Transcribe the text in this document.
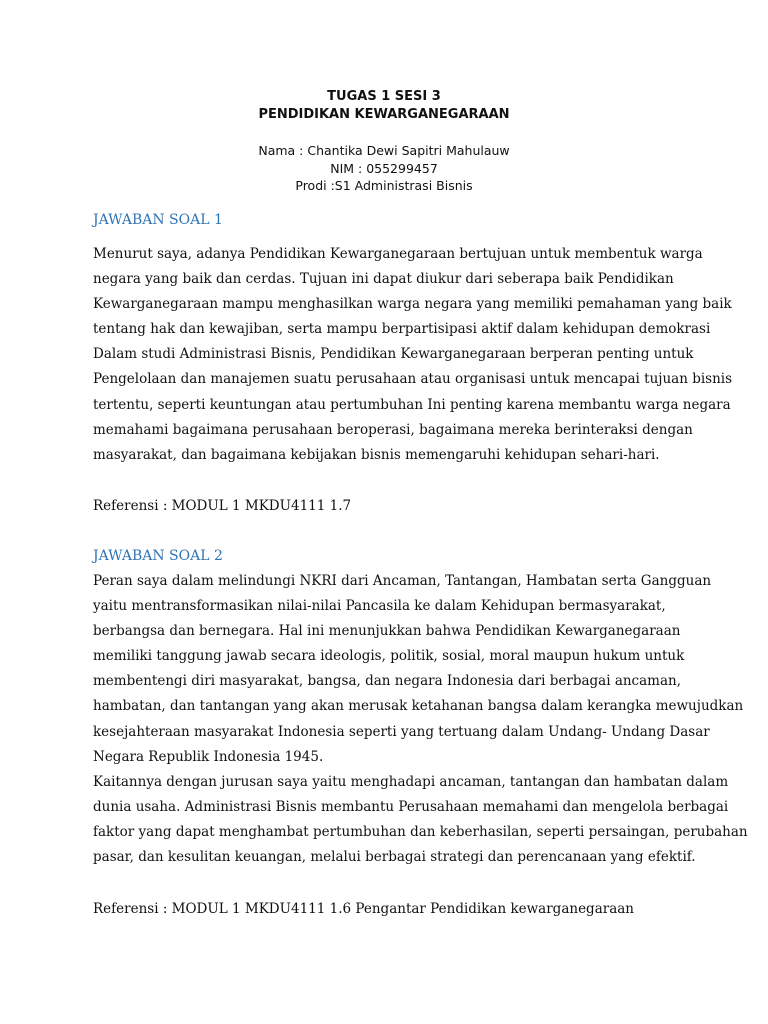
TUGAS 1 SESI 3
PENDIDIKAN KEWARGANEGARAAN
Nama : Chantika Dewi Sapitri Mahulauw
NIM : 055299457
Prodi :S1 Administrasi Bisnis
JAWABAN SOAL 1
Menurut saya, adanya Pendidikan Kewarganegaraan bertujuan untuk membentuk warga
negara yang baik dan cerdas. Tujuan ini dapat diukur dari seberapa baik Pendidikan
Kewarganegaraan mampu menghasilkan warga negara yang memiliki pemahaman yang baik
tentang hak dan kewajiban, serta mampu berpartisipasi aktif dalam kehidupan demokrasi
Dalam studi Administrasi Bisnis, Pendidikan Kewarganegaraan berperan penting untuk
Pengelolaan dan manajemen suatu perusahaan atau organisasi untuk mencapai tujuan bisnis
tertentu, seperti keuntungan atau pertumbuhan Ini penting karena membantu warga negara
memahami bagaimana perusahaan beroperasi, bagaimana mereka berinteraksi dengan
masyarakat, dan bagaimana kebijakan bisnis memengaruhi kehidupan sehari-hari.
Referensi : MODUL 1 MKDU4111 1.7
JAWABAN SOAL 2
Peran saya dalam melindungi NKRI dari Ancaman, Tantangan, Hambatan serta Gangguan
yaitu mentransformasikan nilai-nilai Pancasila ke dalam Kehidupan bermasyarakat,
berbangsa dan bernegara. Hal ini menunjukkan bahwa Pendidikan Kewarganegaraan
memiliki tanggung jawab secara ideologis, politik, sosial, moral maupun hukum untuk
membentengi diri masyarakat, bangsa, dan negara Indonesia dari berbagai ancaman,
hambatan, dan tantangan yang akan merusak ketahanan bangsa dalam kerangka mewujudkan
kesejahteraan masyarakat Indonesia seperti yang tertuang dalam Undang- Undang Dasar
Negara Republik Indonesia 1945.
Kaitannya dengan jurusan saya yaitu menghadapi ancaman, tantangan dan hambatan dalam
dunia usaha. Administrasi Bisnis membantu Perusahaan memahami dan mengelola berbagai
faktor yang dapat menghambat pertumbuhan dan keberhasilan, seperti persaingan, perubahan
pasar, dan kesulitan keuangan, melalui berbagai strategi dan perencanaan yang efektif.
Referensi : MODUL 1 MKDU4111 1.6 Pengantar Pendidikan kewarganegaraan
